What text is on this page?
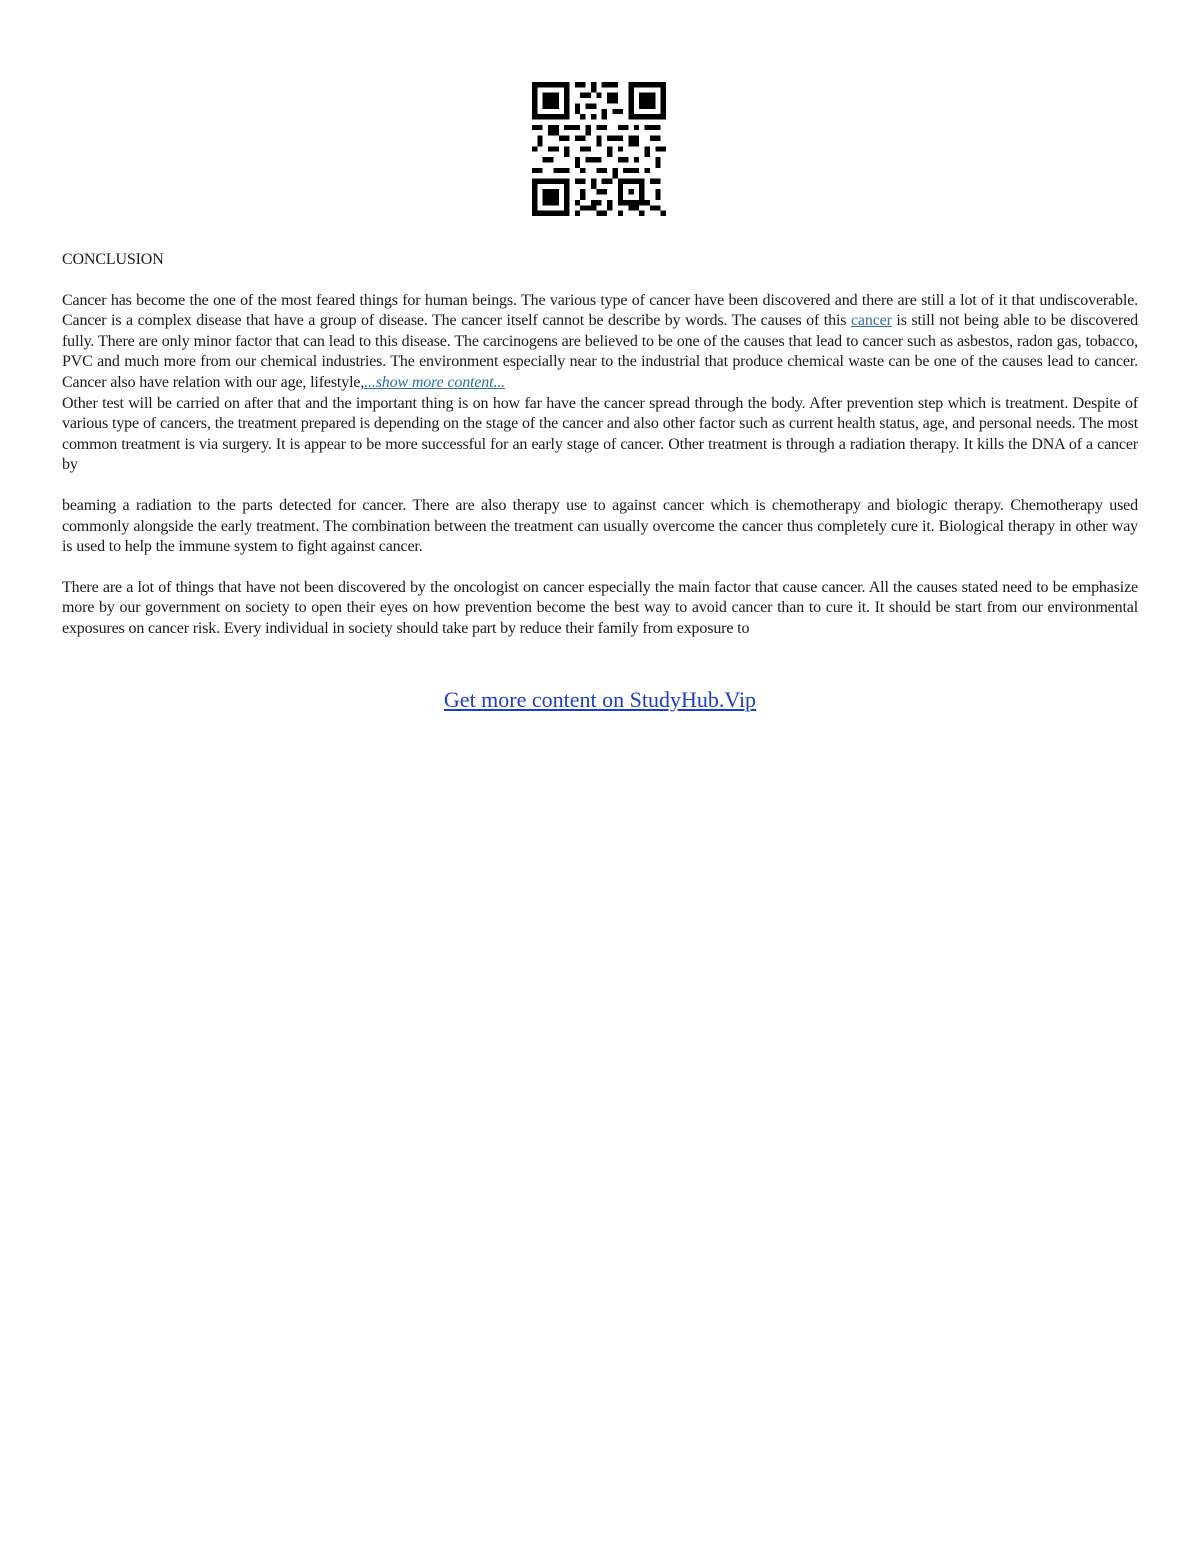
CONCLUSION

Cancer has become the one of the most feared things for human beings. The various type of cancer have been discovered and there are still a lot of it that undiscoverable. Cancer is a complex disease that have a group of disease. The cancer itself cannot be describe by words. The causes of this cancer is still not being able to be discovered fully. There are only minor factor that can lead to this disease. The carcinogens are believed to be one of the causes that lead to cancer such as asbestos, radon gas, tobacco, PVC and much more from our chemical industries. The environment especially near to the industrial that produce chemical waste can be one of the causes lead to cancer. Cancer also have relation with our age, lifestyle,...show more content...

Other test will be carried on after that and the important thing is on how far have the cancer spread through the body. After prevention step which is treatment. Despite of various type of cancers, the treatment prepared is depending on the stage of the cancer and also other factor such as current health status, age, and personal needs. The most common treatment is via surgery. It is appear to be more successful for an early stage of cancer. Other treatment is through a radiation therapy. It kills the DNA of a cancer by

beaming a radiation to the parts detected for cancer. There are also therapy use to against cancer which is chemotherapy and biologic therapy. Chemotherapy used commonly alongside the early treatment. The combination between the treatment can usually overcome the cancer thus completely cure it. Biological therapy in other way is used to help the immune system to fight against cancer.

There are a lot of things that have not been discovered by the oncologist on cancer especially the main factor that cause cancer. All the causes stated need to be emphasize more by our government on society to open their eyes on how prevention become the best way to avoid cancer than to cure it. It should be start from our environmental exposures on cancer risk. Every individual in society should take part by reduce their family from exposure to

Get more content on StudyHub.Vip
